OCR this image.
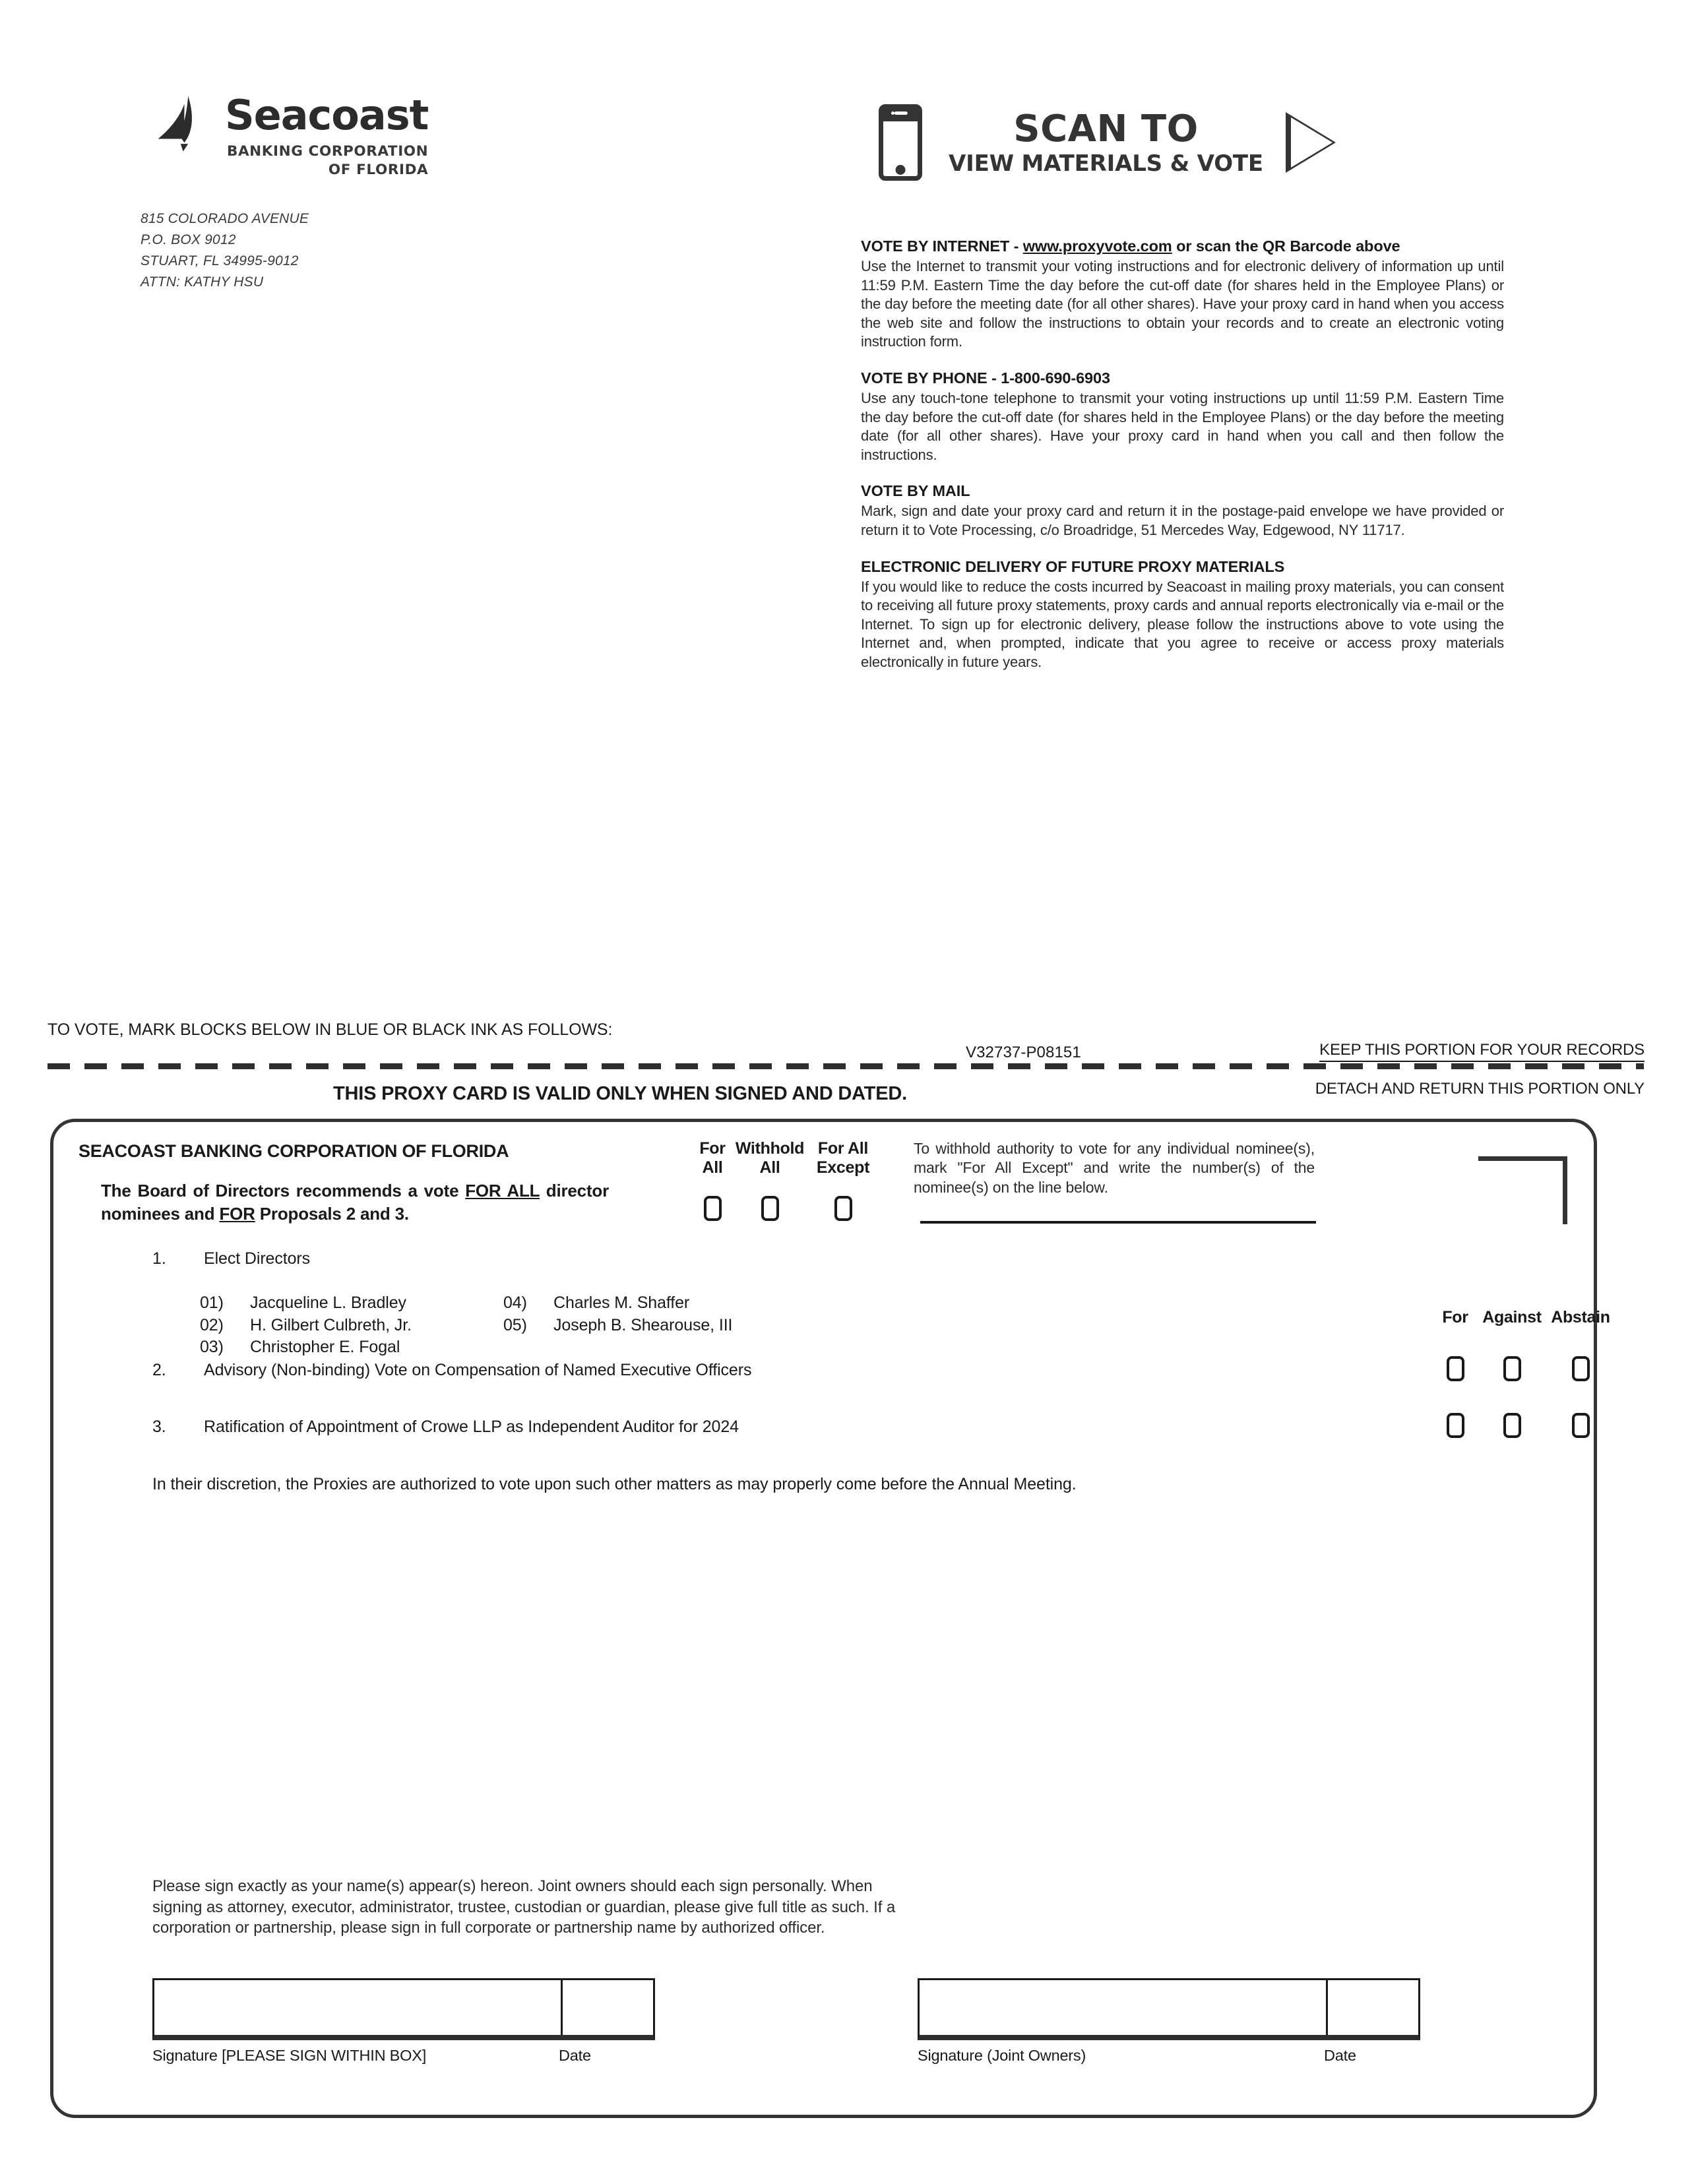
Seacoast
BANKING CORPORATION
OF FLORIDA
815 COLORADO AVENUE
P.O. BOX 9012
STUART, FL 34995-9012
ATTN: KATHY HSU
SCAN TO
VIEW MATERIALS & VOTE
VOTE BY INTERNET - www.proxyvote.com or scan the QR Barcode above
Use the Internet to transmit your voting instructions and for electronic delivery of information up until 11:59 P.M. Eastern Time the day before the cut-off date (for shares held in the Employee Plans) or the day before the meeting date (for all other shares). Have your proxy card in hand when you access the web site and follow the instructions to obtain your records and to create an electronic voting instruction form.
VOTE BY PHONE - 1-800-690-6903
Use any touch-tone telephone to transmit your voting instructions up until 11:59 P.M. Eastern Time the day before the cut-off date (for shares held in the Employee Plans) or the day before the meeting date (for all other shares). Have your proxy card in hand when you call and then follow the instructions.
VOTE BY MAIL
Mark, sign and date your proxy card and return it in the postage-paid envelope we have provided or return it to Vote Processing, c/o Broadridge, 51 Mercedes Way, Edgewood, NY 11717.
ELECTRONIC DELIVERY OF FUTURE PROXY MATERIALS
If you would like to reduce the costs incurred by Seacoast in mailing proxy materials, you can consent to receiving all future proxy statements, proxy cards and annual reports electronically via e-mail or the Internet. To sign up for electronic delivery, please follow the instructions above to vote using the Internet and, when prompted, indicate that you agree to receive or access proxy materials electronically in future years.
TO VOTE, MARK BLOCKS BELOW IN BLUE OR BLACK INK AS FOLLOWS:
V32737-P08151	KEEP THIS PORTION FOR YOUR RECORDS
DETACH AND RETURN THIS PORTION ONLY
THIS PROXY CARD IS VALID ONLY WHEN SIGNED AND DATED.
SEACOAST BANKING CORPORATION OF FLORIDA
The Board of Directors recommends a vote FOR ALL director nominees and FOR Proposals 2 and 3.
For
All
Withhold
All
For All
Except
To withhold authority to vote for any individual nominee(s), mark "For All Except" and write the number(s) of the nominee(s) on the line below.
1. Elect Directors
01)	Jacqueline L. Bradley
02)	H. Gilbert Culbreth, Jr.
03)	Christopher E. Fogal
04)	Charles M. Shaffer
05)	Joseph B. Shearouse, III	For Against Abstain
2. Advisory (Non-binding) Vote on Compensation of Named Executive Officers
3. Ratification of Appointment of Crowe LLP as Independent Auditor for 2024
In their discretion, the Proxies are authorized to vote upon such other matters as may properly come before the Annual Meeting.
Please sign exactly as your name(s) appear(s) hereon. Joint owners should each sign personally. When signing as attorney, executor, administrator, trustee, custodian or guardian, please give full title as such. If a corporation or partnership, please sign in full corporate or partnership name by authorized officer.
Signature [PLEASE SIGN WITHIN BOX]	Date	Signature (Joint Owners)	Date
